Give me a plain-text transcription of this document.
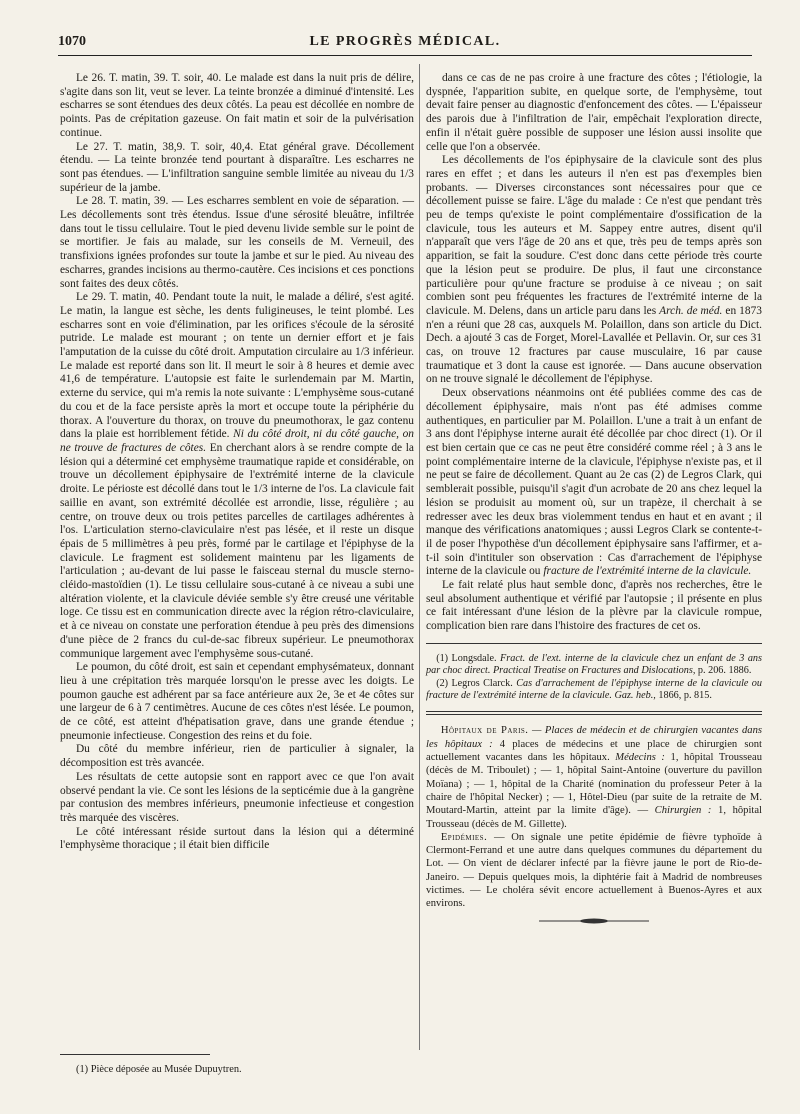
1070	LE PROGRÈS MÉDICAL.

Le 26. T. matin, 39. T. soir, 40. Le malade est dans la nuit pris de délire, s'agite dans son lit, veut se lever. La teinte bronzée a diminué d'intensité. Les escharres se sont étendues des deux côtés. La peau est décollée en nombre de points. Pas de crépitation gazeuse. On fait matin et soir de la pulvérisation continue.

Le 27. T. matin, 38,9. T. soir, 40,4. Etat général grave. Décollement étendu. — La teinte bronzée tend pourtant à disparaître. Les escharres ne sont pas étendues. — L'infiltration sanguine semble limitée au niveau du 1/3 supérieur de la jambe.

Le 28. T. matin, 39. — Les escharres semblent en voie de séparation. — Les décollements sont très étendus. Issue d'une sérosité bleuâtre, infiltrée dans tout le tissu cellulaire. Tout le pied devenu livide semble sur le point de se mortifier. Je fais au malade, sur les conseils de M. Verneuil, des transfixions ignées profondes sur toute la jambe et sur le pied. Au niveau des escharres, grandes incisions au thermo-cautère. Ces incisions et ces ponctions sont faites des deux côtés.

Le 29. T. matin, 40. Pendant toute la nuit, le malade a déliré, s'est agité. Le matin, la langue est sèche, les dents fuligineuses, le teint plombé. Les escharres sont en voie d'élimination, par les orifices s'écoule de la sérosité putride. Le malade est mourant ; on tente un dernier effort et je fais l'amputation de la cuisse du côté droit. Amputation circulaire au 1/3 inférieur. Le malade est reporté dans son lit. Il meurt le soir à 8 heures et demie avec 41,6 de température. L'autopsie est faite le surlendemain par M. Martin, externe du service, qui m'a remis la note suivante : L'emphysème sous-cutané du cou et de la face persiste après la mort et occupe toute la périphérie du thorax. A l'ouverture du thorax, on trouve du pneumothorax, le gaz contenu dans la plaie est horriblement fétide. Ni du côté droit, ni du côté gauche, on ne trouve de fractures de côtes. En cherchant alors à se rendre compte de la lésion qui a déterminé cet emphysème traumatique rapide et considérable, on trouve un décollement épiphysaire de l'extrémité interne de la clavicule droite. Le périoste est décollé dans tout le 1/3 interne de l'os. La clavicule fait saillie en avant, son extrémité décollée est arrondie, lisse, régulière ; au centre, on trouve deux ou trois petites parcelles de cartilages adhérentes à l'os. L'articulation sterno-claviculaire n'est pas lésée, et il reste un disque épais de 5 millimètres à peu près, formé par le cartilage et l'épiphyse de la clavicule. Le fragment est solidement maintenu par les ligaments de l'articulation ; au-devant de lui passe le faisceau sternal du muscle sterno-cléido-mastoïdien (1). Le tissu cellulaire sous-cutané à ce niveau a subi une altération violente, et la clavicule déviée semble s'y être creusé une véritable loge. Ce tissu est en communication directe avec la région rétro-claviculaire, et à ce niveau on constate une perforation étendue à peu près des dimensions d'une pièce de 2 francs du cul-de-sac fibreux supérieur. Le pneumothorax communique largement avec l'emphysème sous-cutané.

Le poumon, du côté droit, est sain et cependant emphysémateux, donnant lieu à une crépitation très marquée lorsqu'on le presse avec les doigts. Le poumon gauche est adhérent par sa face antérieure aux 2e, 3e et 4e côtes sur une largeur de 6 à 7 centimètres. Aucune de ces côtes n'est lésée. Le poumon, de ce côté, est atteint d'hépatisation grave, dans une grande étendue ; pneumonie infectieuse. Congestion des reins et du foie.

Du côté du membre inférieur, rien de particulier à signaler, la décomposition est très avancée.

Les résultats de cette autopsie sont en rapport avec ce que l'on avait observé pendant la vie. Ce sont les lésions de la septicémie due à la gangrène par contusion des membres inférieurs, pneumonie infectieuse et congestion très marquée des viscères.

Le côté intéressant réside surtout dans la lésion qui a déterminé l'emphysème thoracique ; il était bien difficile

(1) Pièce déposée au Musée Dupuytren.

dans ce cas de ne pas croire à une fracture des côtes ; l'étiologie, la dyspnée, l'apparition subite, en quelque sorte, de l'emphysème, tout devait faire penser au diagnostic d'enfoncement des côtes. — L'épaisseur des parois due à l'infiltration de l'air, empêchait l'exploration directe, enfin il n'était guère possible de supposer une lésion aussi insolite que celle que l'on a observée.

Les décollements de l'os épiphysaire de la clavicule sont des plus rares en effet ; et dans les auteurs il n'en est pas d'exemples bien probants. — Diverses circonstances sont nécessaires pour que ce décollement puisse se faire. L'âge du malade : Ce n'est que pendant très peu de temps qu'existe le point complémentaire d'ossification de la clavicule, tous les auteurs et M. Sappey entre autres, disent qu'il n'apparaît que vers l'âge de 20 ans et que, très peu de temps après son apparition, se fait la soudure. C'est donc dans cette période très courte que la lésion peut se produire. De plus, il faut une circonstance particulière pour qu'une fracture se produise à ce niveau ; on sait combien sont peu fréquentes les fractures de l'extrémité interne de la clavicule. M. Delens, dans un article paru dans les Arch. de méd. en 1873 n'en a réuni que 28 cas, auxquels M. Polaillon, dans son article du Dict. Dech. a ajouté 3 cas de Forget, Morel-Lavallée et Pellavin. Or, sur ces 31 cas, on trouve 12 fractures par cause musculaire, 16 par cause traumatique et 3 dont la cause est ignorée. — Dans aucune observation on ne trouve signalé le décollement de l'épiphyse.

Deux observations néanmoins ont été publiées comme des cas de décollement épiphysaire, mais n'ont pas été admises comme authentiques, en particulier par M. Polaillon. L'une a trait à un enfant de 3 ans dont l'épiphyse interne aurait été décollée par choc direct (1). Or il est bien certain que ce cas ne peut être considéré comme réel ; à 3 ans le point complémentaire interne de la clavicule, l'épiphyse n'existe pas, et il ne peut se faire de décollement. Quant au 2e cas (2) de Legros Clark, qui semblerait possible, puisqu'il s'agit d'un acrobate de 20 ans chez lequel la lésion se produisit au moment où, sur un trapèze, il cherchait à se redresser avec les deux bras violemment tendus en haut et en avant ; il manque des vérifications anatomiques ; aussi Legros Clark se contente-t-il de poser l'hypothèse d'un décollement épiphysaire sans l'affirmer, et a-t-il soin d'intituler son observation : Cas d'arrachement de l'épiphyse interne de la clavicule ou fracture de l'extrémité interne de la clavicule.

Le fait relaté plus haut semble donc, d'après nos recherches, être le seul absolument authentique et vérifié par l'autopsie ; il présente en plus ce fait intéressant d'une lésion de la plèvre par la clavicule rompue, complication bien rare dans l'histoire des fractures de cet os.

(1) Longsdale. Fract. de l'ext. interne de la clavicule chez un enfant de 3 ans par choc direct. Practical Treatise on Fractures and Dislocations, p. 206. 1886.
(2) Legros Clarck. Cas d'arrachement de l'épiphyse interne de la clavicule ou fracture de l'extrémité interne de la clavicule. Gaz. heb., 1866, p. 815.

Hôpitaux de Paris. — Places de médecin et de chirurgien vacantes dans les hôpitaux : 4 places de médecins et une place de chirurgien sont actuellement vacantes dans les hôpitaux. Médecins : 1, hôpital Trousseau (décès de M. Triboulet) ; — 1, hôpital Saint-Antoine (ouverture du pavillon Moïana) ; — 1, hôpital de la Charité (nomination du professeur Peter à la chaire de l'hôpital Necker) ; — 1, Hôtel-Dieu (par suite de la retraite de M. Moutard-Martin, atteint par la limite d'âge). — Chirurgien : 1, hôpital Trousseau (décès de M. Gillette).

Epidémies. — On signale une petite épidémie de fièvre typhoïde à Clermont-Ferrand et une autre dans quelques communes du département du Lot. — On vient de déclarer infecté par la fièvre jaune le port de Rio-de-Janeiro. — Depuis quelques mois, la diphtérie fait à Madrid de nombreuses victimes. — Le choléra sévit encore actuellement à Buenos-Ayres et aux environs.
